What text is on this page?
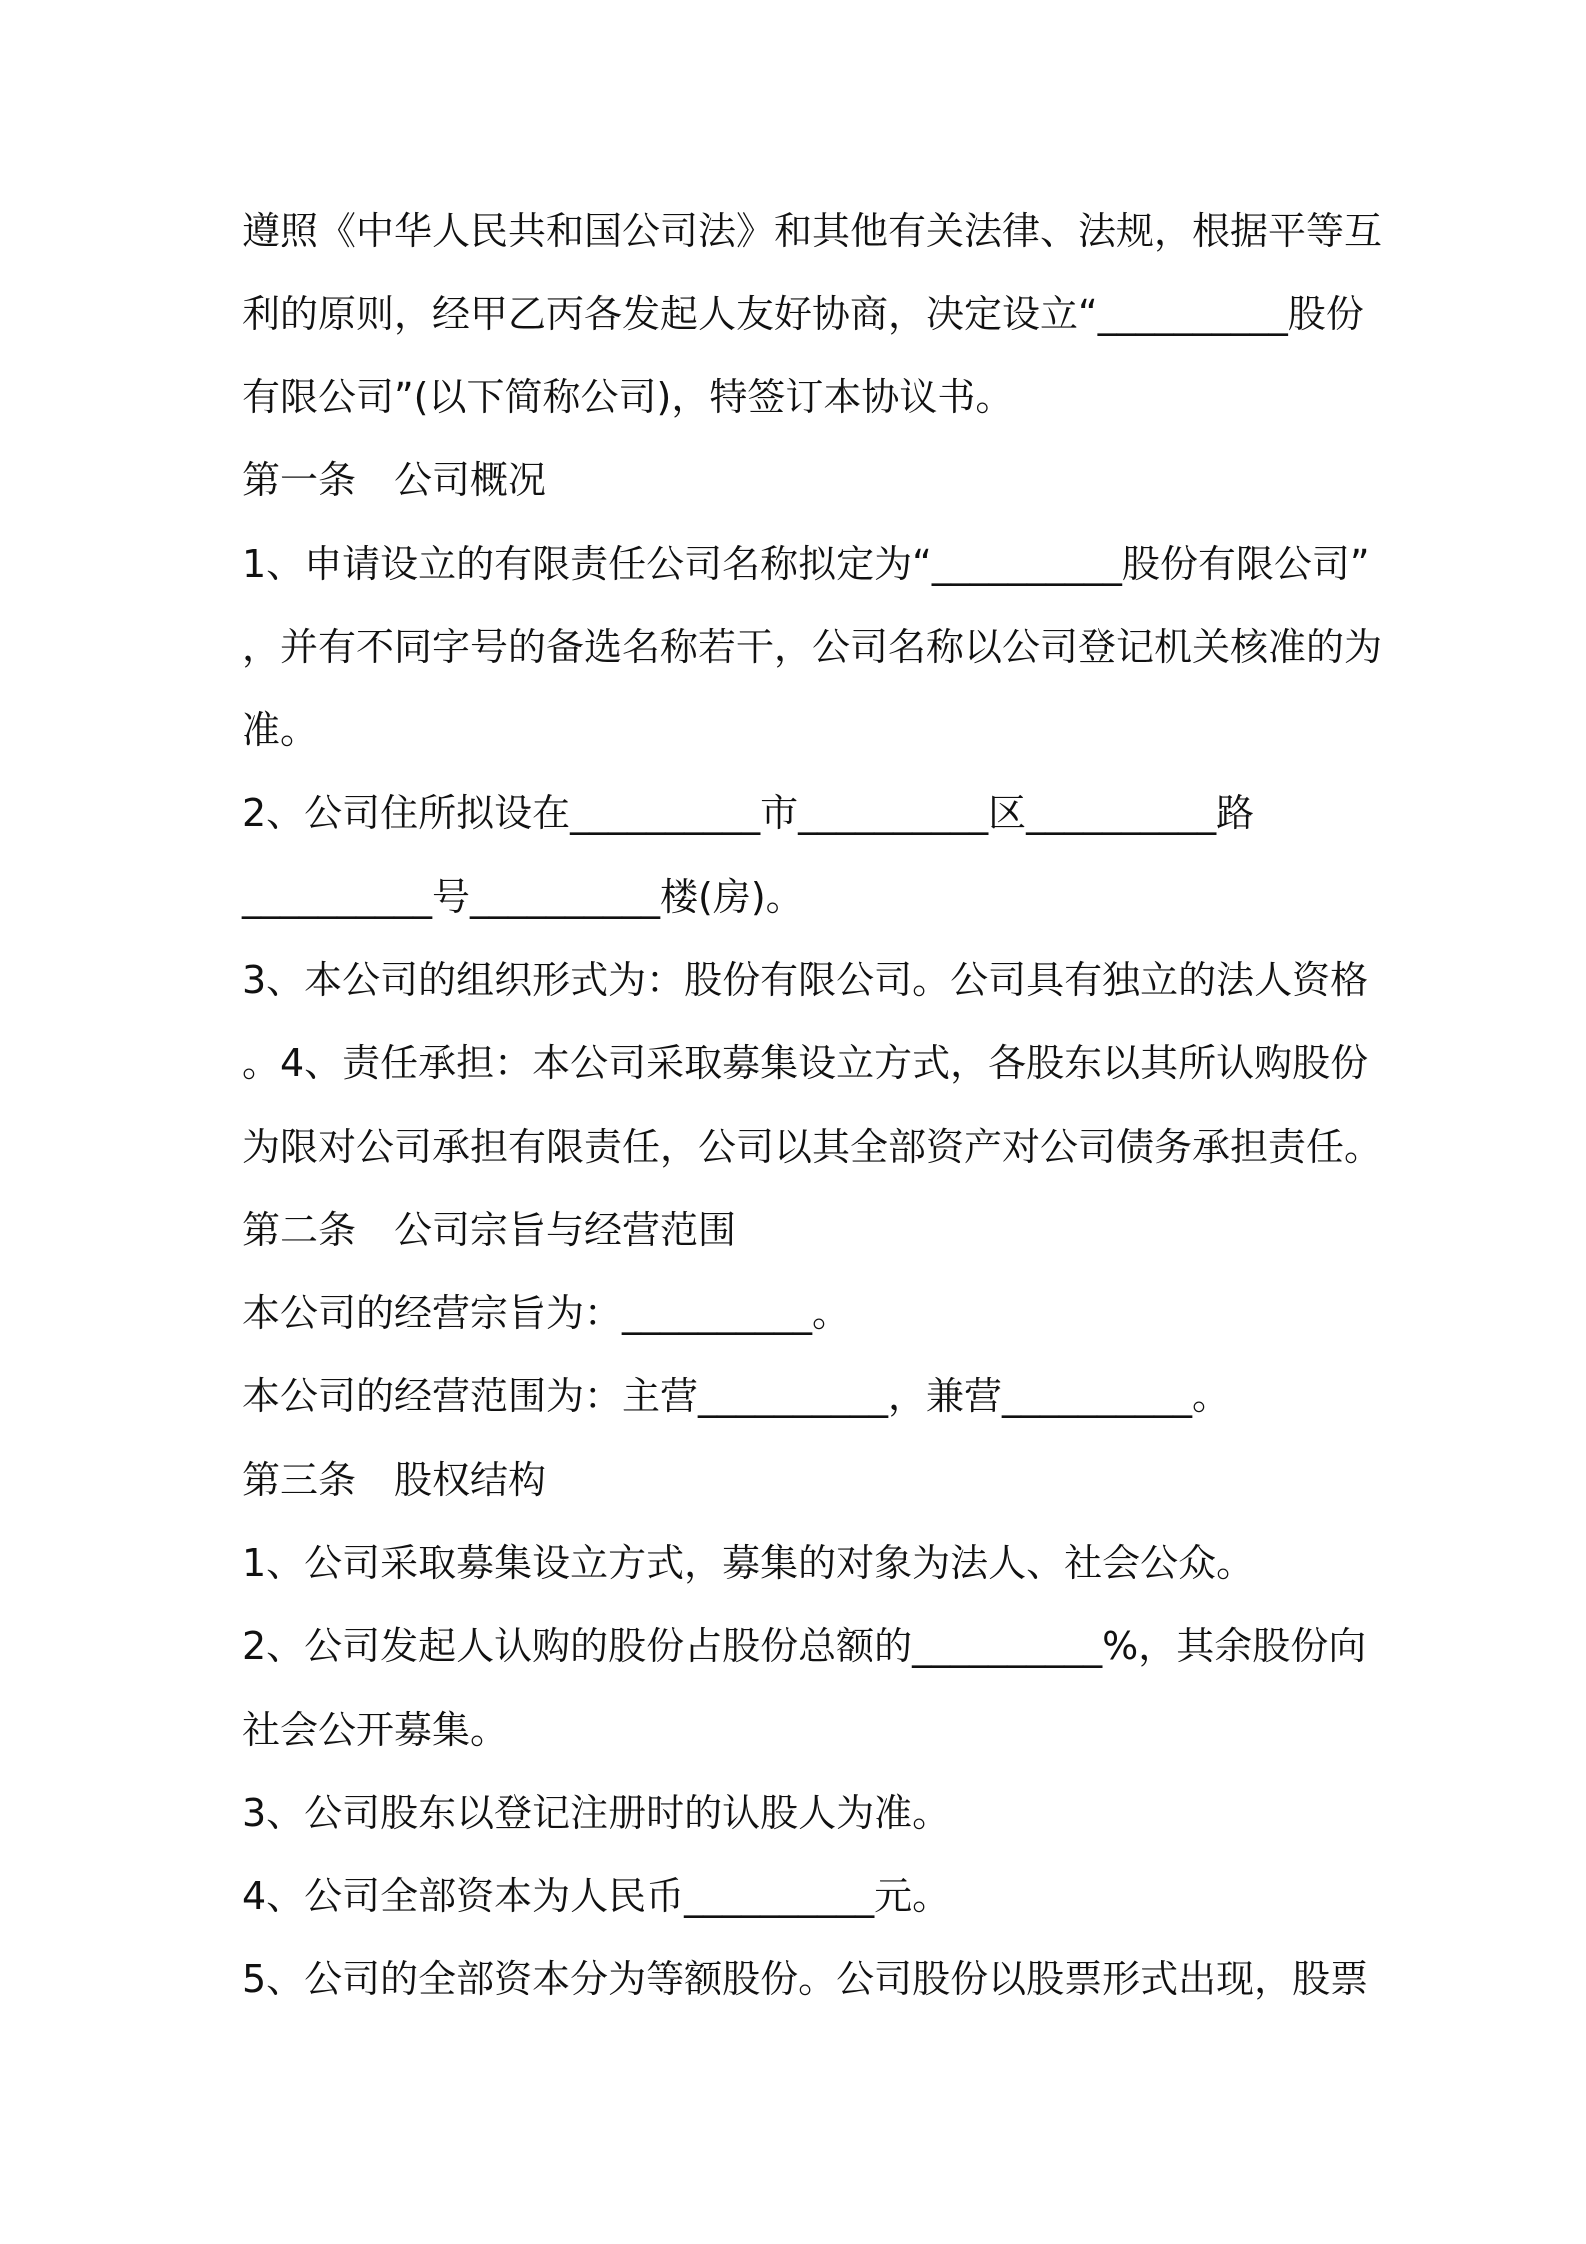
遵照《中华人民共和国公司法》和其他有关法律、法规，根据平等互
利的原则，经甲乙丙各发起人友好协商，决定设立“__________股份
有限公司”(以下简称公司)，特签订本协议书。
第一条　公司概况
1、申请设立的有限责任公司名称拟定为“__________股份有限公司”
，并有不同字号的备选名称若干，公司名称以公司登记机关核准的为
准。
2、公司住所拟设在__________市__________区__________路
__________号__________楼(房)。
3、本公司的组织形式为：股份有限公司。公司具有独立的法人资格
。4、责任承担：本公司采取募集设立方式，各股东以其所认购股份
为限对公司承担有限责任，公司以其全部资产对公司债务承担责任。
第二条　公司宗旨与经营范围
本公司的经营宗旨为：__________。
本公司的经营范围为：主营__________，兼营__________。
第三条　股权结构
1、公司采取募集设立方式，募集的对象为法人、社会公众。
2、公司发起人认购的股份占股份总额的__________%，其余股份向
社会公开募集。
3、公司股东以登记注册时的认股人为准。
4、公司全部资本为人民币__________元。
5、公司的全部资本分为等额股份。公司股份以股票形式出现，股票
